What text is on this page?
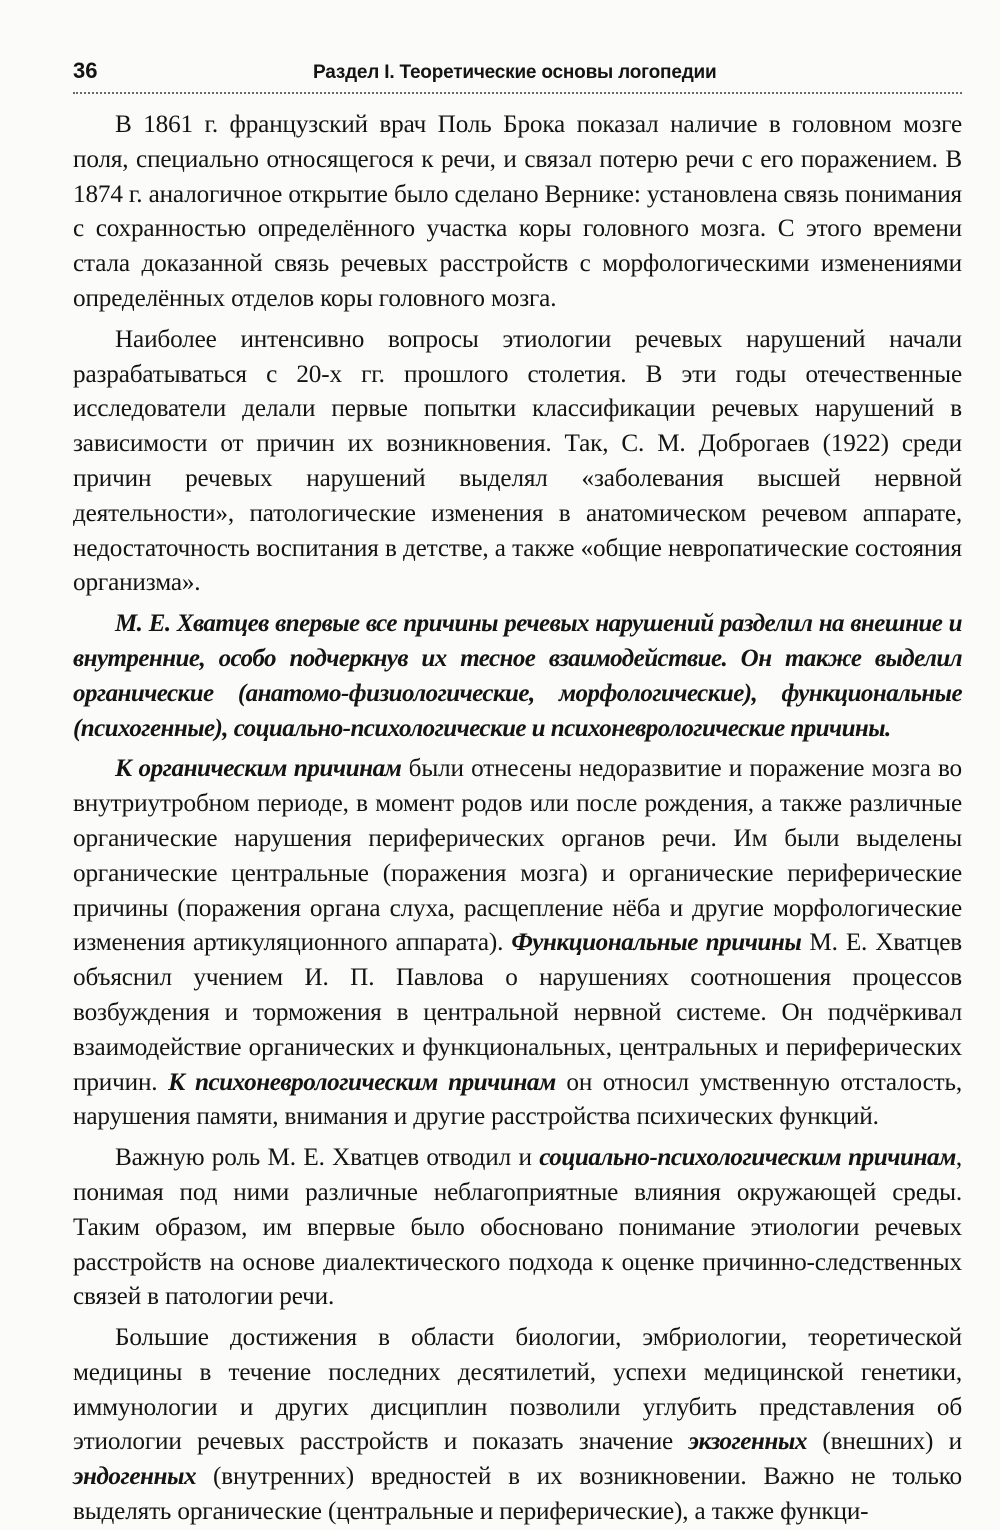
36	Раздел I. Теоретические основы логопедии

В 1861 г. французский врач Поль Брока показал наличие в головном мозге поля, специально относящегося к речи, и связал потерю речи с его поражением. В 1874 г. аналогичное открытие было сделано Вернике: установлена связь понимания с сохранностью определённого участка коры головного мозга. С этого времени стала доказанной связь речевых расстройств с морфологическими изменениями определённых отделов коры головного мозга.

Наиболее интенсивно вопросы этиологии речевых нарушений начали разрабатываться с 20-х гг. прошлого столетия. В эти годы отечественные исследователи делали первые попытки классификации речевых нарушений в зависимости от причин их возникновения. Так, С. М. Доброгаев (1922) среди причин речевых нарушений выделял «заболевания высшей нервной деятельности», патологические изменения в анатомическом речевом аппарате, недостаточность воспитания в детстве, а также «общие невропатические состояния организма».

М. Е. Хватцев впервые все причины речевых нарушений разделил на внешние и внутренние, особо подчеркнув их тесное взаимодействие. Он также выделил органические (анатомо-физиологические, морфологические), функциональные (психогенные), социально-психологические и психоневрологические причины.

К органическим причинам были отнесены недоразвитие и поражение мозга во внутриутробном периоде, в момент родов или после рождения, а также различные органические нарушения периферических органов речи. Им были выделены органические центральные (поражения мозга) и органические периферические причины (поражения органа слуха, расщепление нёба и другие морфологические изменения артикуляционного аппарата). Функциональные причины М. Е. Хватцев объяснил учением И. П. Павлова о нарушениях соотношения процессов возбуждения и торможения в центральной нервной системе. Он подчёркивал взаимодействие органических и функциональных, центральных и периферических причин. К психоневрологическим причинам он относил умственную отсталость, нарушения памяти, внимания и другие расстройства психических функций.

Важную роль М. Е. Хватцев отводил и социально-психологическим причинам, понимая под ними различные неблагоприятные влияния окружающей среды. Таким образом, им впервые было обосновано понимание этиологии речевых расстройств на основе диалектического подхода к оценке причинно-следственных связей в патологии речи.

Большие достижения в области биологии, эмбриологии, теоретической медицины в течение последних десятилетий, успехи медицинской генетики, иммунологии и других дисциплин позволили углубить представления об этиологии речевых расстройств и показать значение экзогенных (внешних) и эндогенных (внутренних) вредностей в их возникновении. Важно не только выделять органические (центральные и периферические), а также функци-
